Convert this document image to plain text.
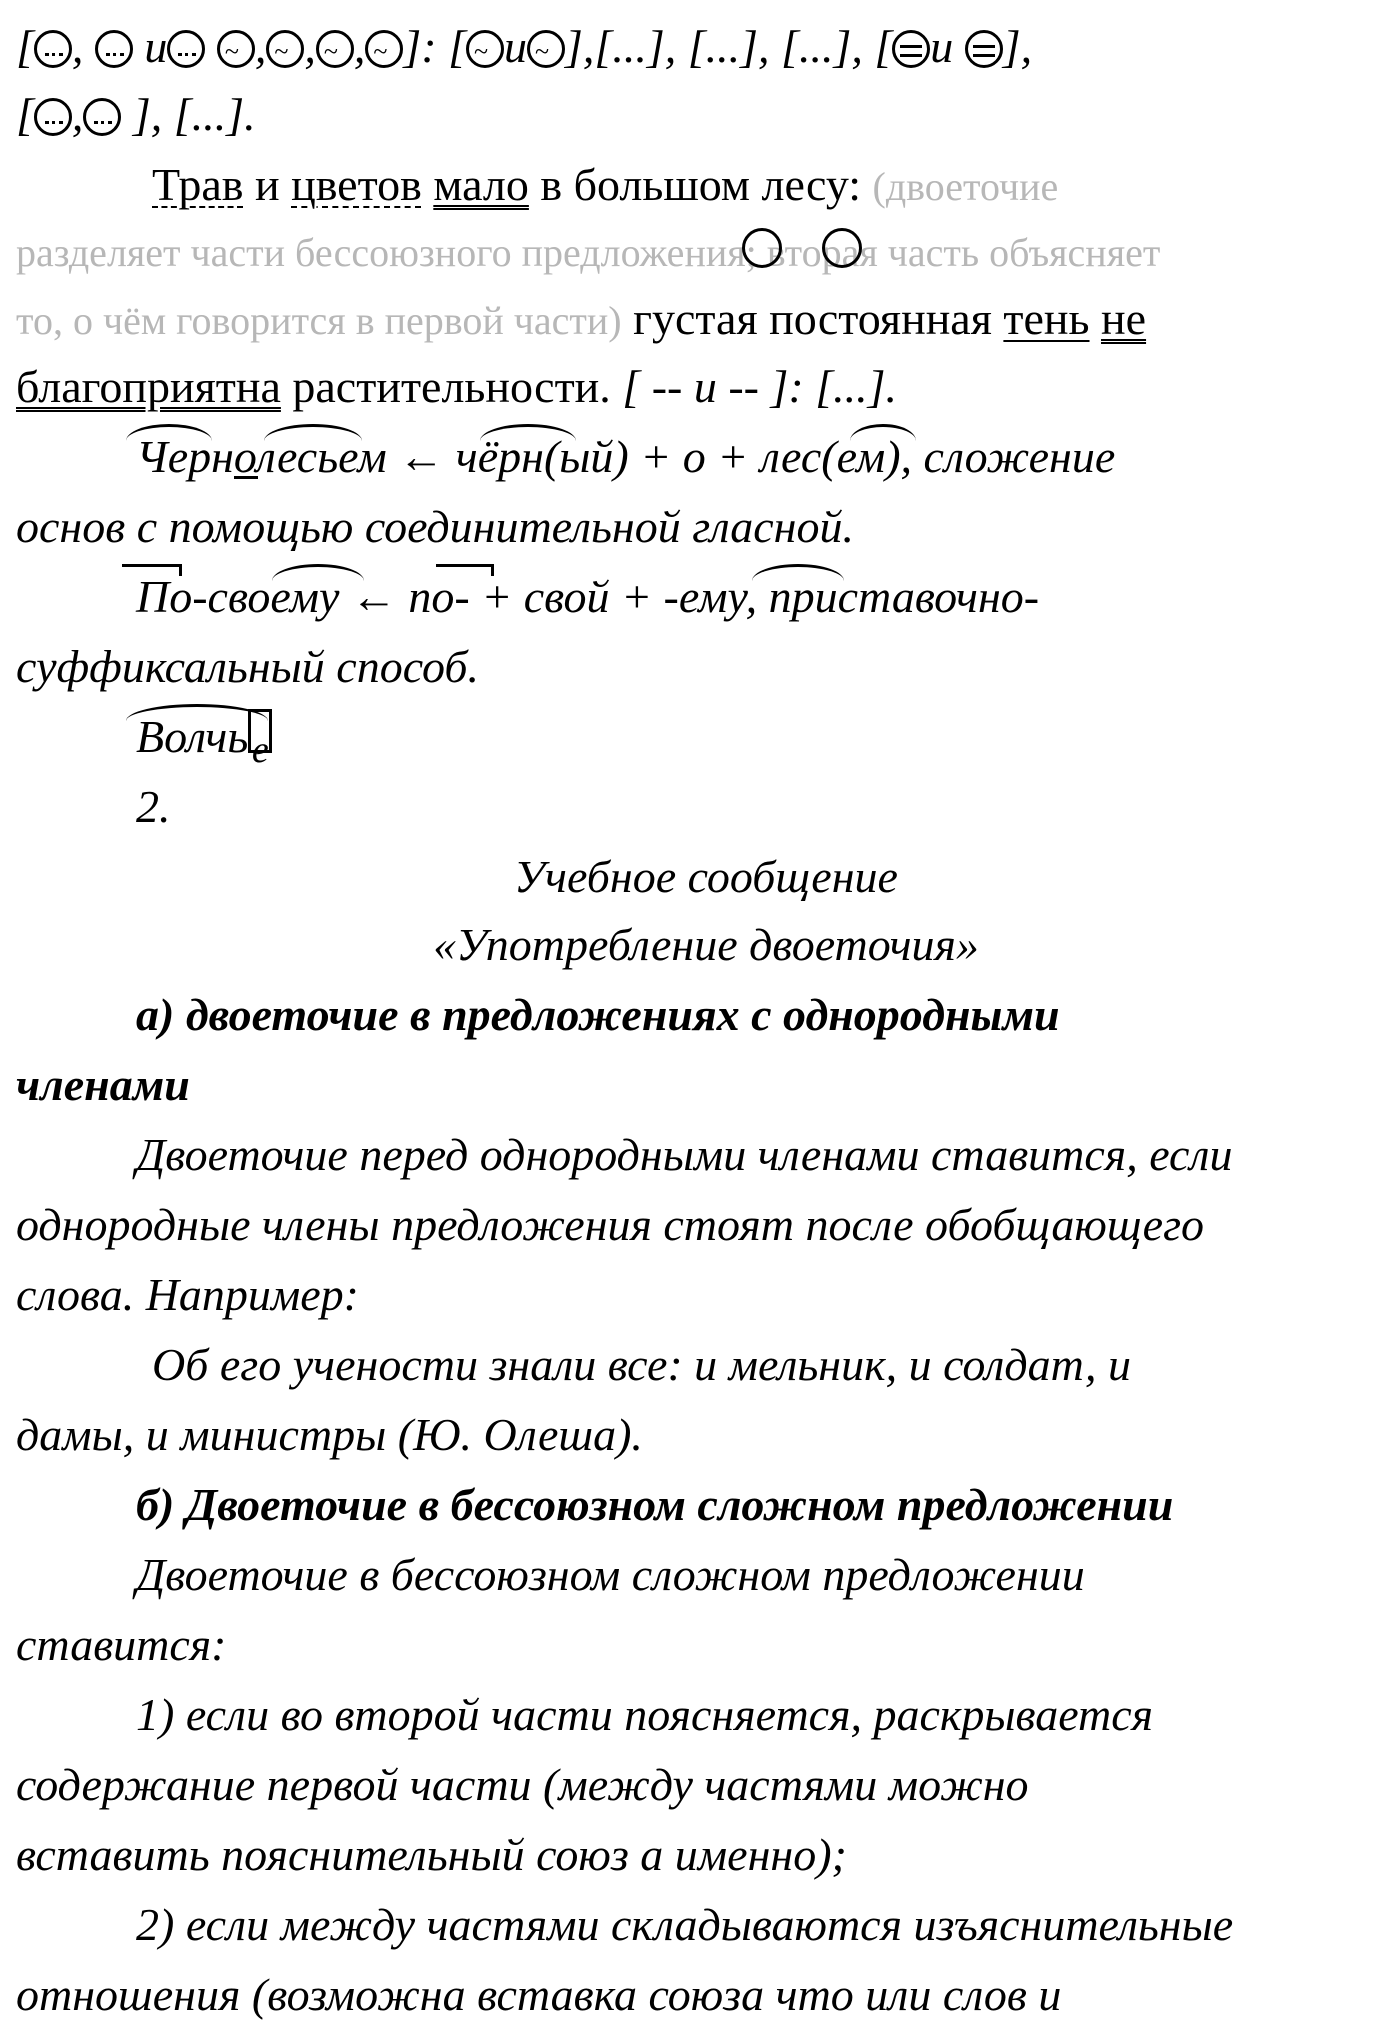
[ , и
~ , ~ , ~ , ~ ]: [ ~ и ~ ],[...], [...], [...], [ и ],
[ , ], [...].
Трав и цветов мало в большом лесу: (двоеточие
разделяет части бессоюзного предложения; вторая часть объясняет
то, о чём говорится в первой части) густая постоянная тень не
благоприятна растительности. [ -- и -- ]: [...].
Чернолесьем ← чёрн(ый) + о + лес(ем), сложение
основ с помощью соединительной гласной.
По-своему ← по- + свой + -ему, приставочно-
суффиксальный способ.
Волчье
2.
Учебное сообщение
«Употребление двоеточия»
а) двоеточие в предложениях с однородными
членами
Двоеточие перед однородными членами ставится, если
однородные члены предложения стоят после обобщающего
слова. Например:
Об его учености знали все: и мельник, и солдат, и
дамы, и министры (Ю. Олеша).
б) Двоеточие в бессоюзном сложном предложении
Двоеточие в бессоюзном сложном предложении
ставится:
1) если во второй части поясняется, раскрывается
содержание первой части (между частями можно
вставить пояснительный союз а именно);
2) если между частями складываются изъяснительные
отношения (возможна вставка союза что или слов и
